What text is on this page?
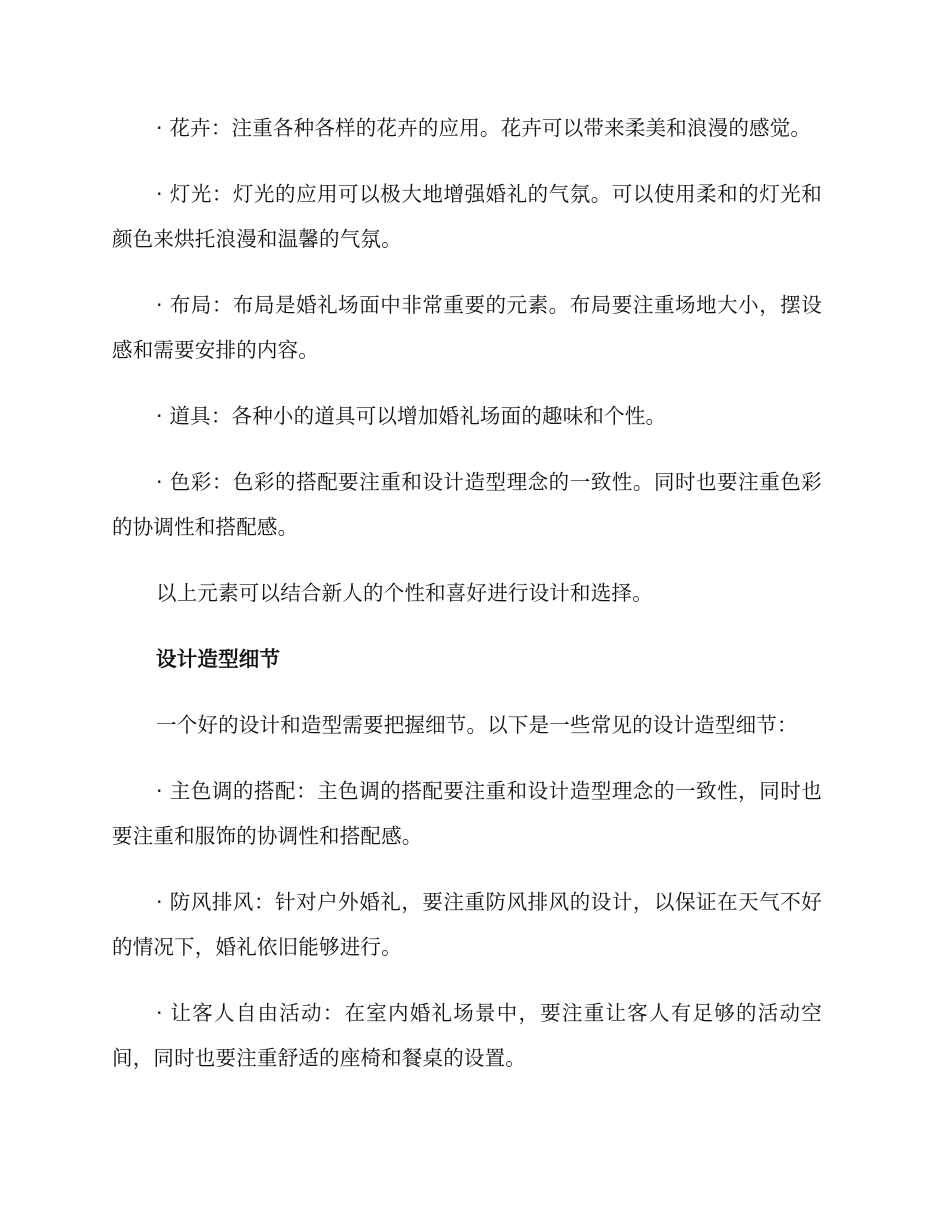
· 花卉：注重各种各样的花卉的应用。花卉可以带来柔美和浪漫的感觉。

· 灯光：灯光的应用可以极大地增强婚礼的气氛。可以使用柔和的灯光和颜色来烘托浪漫和温馨的气氛。

· 布局：布局是婚礼场面中非常重要的元素。布局要注重场地大小，摆设感和需要安排的内容。

· 道具：各种小的道具可以增加婚礼场面的趣味和个性。

· 色彩：色彩的搭配要注重和设计造型理念的一致性。同时也要注重色彩的协调性和搭配感。

以上元素可以结合新人的个性和喜好进行设计和选择。

设计造型细节

一个好的设计和造型需要把握细节。以下是一些常见的设计造型细节：

· 主色调的搭配：主色调的搭配要注重和设计造型理念的一致性，同时也要注重和服饰的协调性和搭配感。

· 防风排风：针对户外婚礼，要注重防风排风的设计，以保证在天气不好的情况下，婚礼依旧能够进行。

· 让客人自由活动：在室内婚礼场景中，要注重让客人有足够的活动空间，同时也要注重舒适的座椅和餐桌的设置。
